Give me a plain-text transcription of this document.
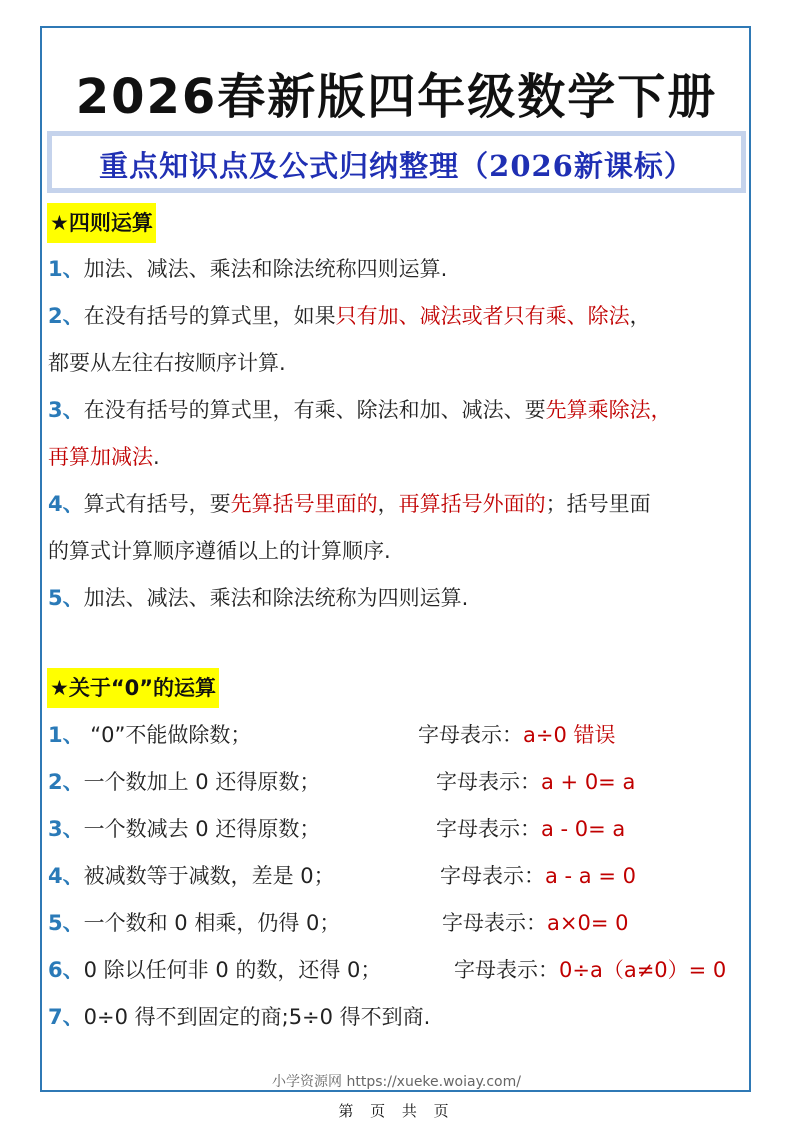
2026春新版四年级数学下册
重点知识点及公式归纳整理（2026新课标）
★四则运算
1、加法、减法、乘法和除法统称四则运算.
2、在没有括号的算式里，如果只有加、减法或者只有乘、除法，
都要从左往右按顺序计算.
3、在没有括号的算式里，有乘、除法和加、减法、要先算乘除法，
再算加减法.
4、算式有括号，要先算括号里面的，再算括号外面的；括号里面
的算式计算顺序遵循以上的计算顺序.
5、加法、减法、乘法和除法统称为四则运算.
★关于“0”的运算
1、 “0”不能做除数；	字母表示：a÷0 错误
2、一个数加上 0 还得原数；	字母表示：a + 0= a
3、一个数减去 0 还得原数；	字母表示：a - 0= a
4、被减数等于减数，差是 0；	字母表示：a - a = 0
5、一个数和 0 相乘，仍得 0；	字母表示：a×0= 0
6、0 除以任何非 0 的数，还得 0；	字母表示：0÷a（a≠0）= 0
7、0÷0 得不到固定的商;5÷0 得不到商.
小学资源网 https://xueke.woiay.com/
第 页 共 页
